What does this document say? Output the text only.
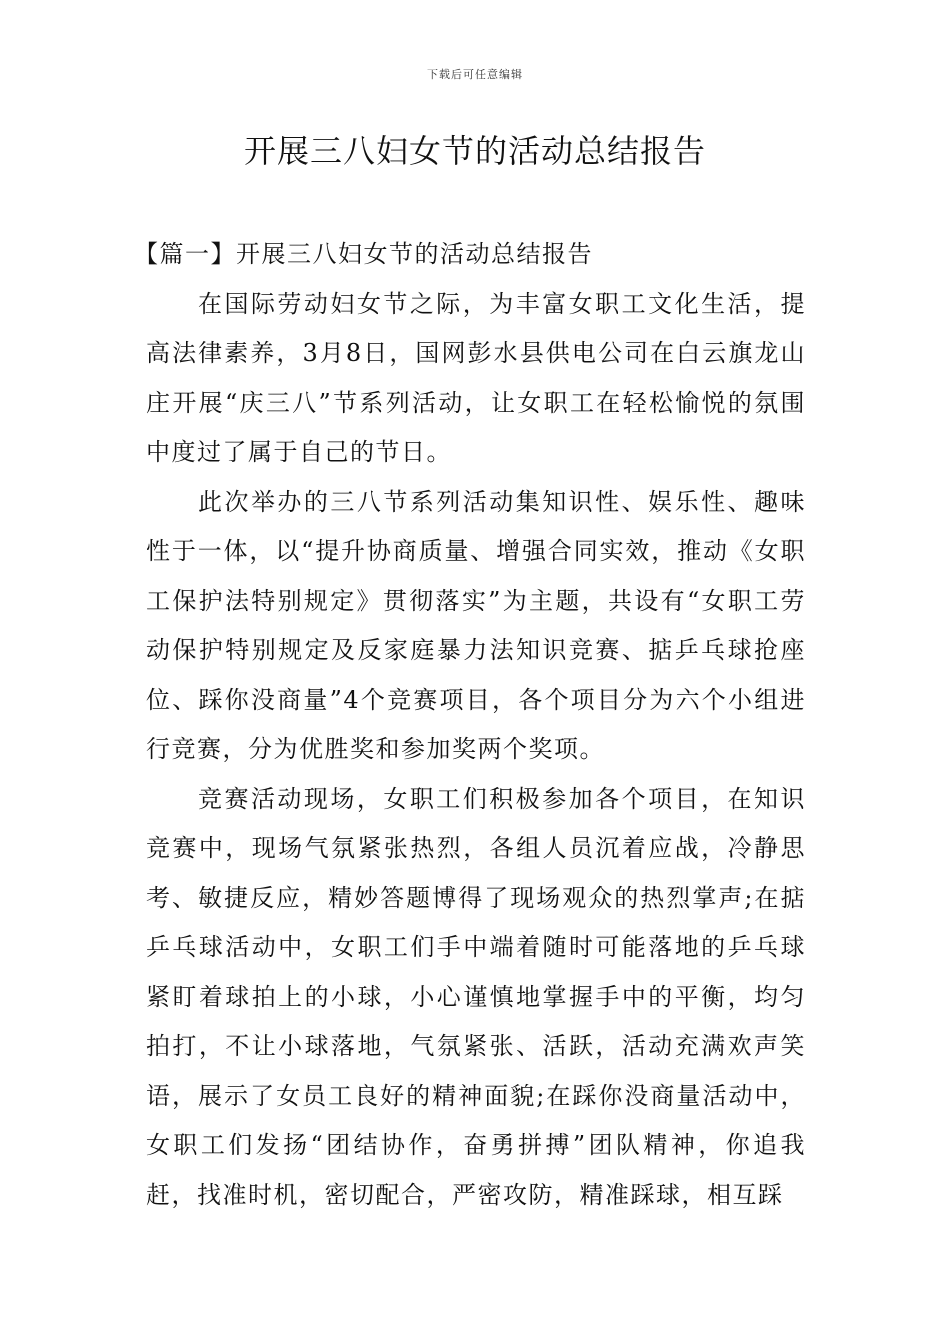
下载后可任意编辑
开展三八妇女节的活动总结报告

【篇一】开展三八妇女节的活动总结报告

在国际劳动妇女节之际，为丰富女职工文化生活，提高法律素养，3月8日，国网彭水县供电公司在白云旗龙山庄开展“庆三八”节系列活动，让女职工在轻松愉悦的氛围中度过了属于自己的节日。

此次举办的三八节系列活动集知识性、娱乐性、趣味性于一体，以“提升协商质量、增强合同实效，推动《女职工保护法特别规定》贯彻落实”为主题，共设有“女职工劳动保护特别规定及反家庭暴力法知识竞赛、掂乒乓球抢座位、踩你没商量”4个竞赛项目，各个项目分为六个小组进行竞赛，分为优胜奖和参加奖两个奖项。

竞赛活动现场，女职工们积极参加各个项目，在知识竞赛中，现场气氛紧张热烈，各组人员沉着应战，冷静思考、敏捷反应，精妙答题博得了现场观众的热烈掌声;在掂乒乓球活动中，女职工们手中端着随时可能落地的乒乓球紧盯着球拍上的小球，小心谨慎地掌握手中的平衡，均匀拍打，不让小球落地，气氛紧张、活跃，活动充满欢声笑语，展示了女员工良好的精神面貌;在踩你没商量活动中，女职工们发扬“团结协作，奋勇拼搏”团队精神，你追我赶，找准时机，密切配合，严密攻防，精准踩球，相互踩
